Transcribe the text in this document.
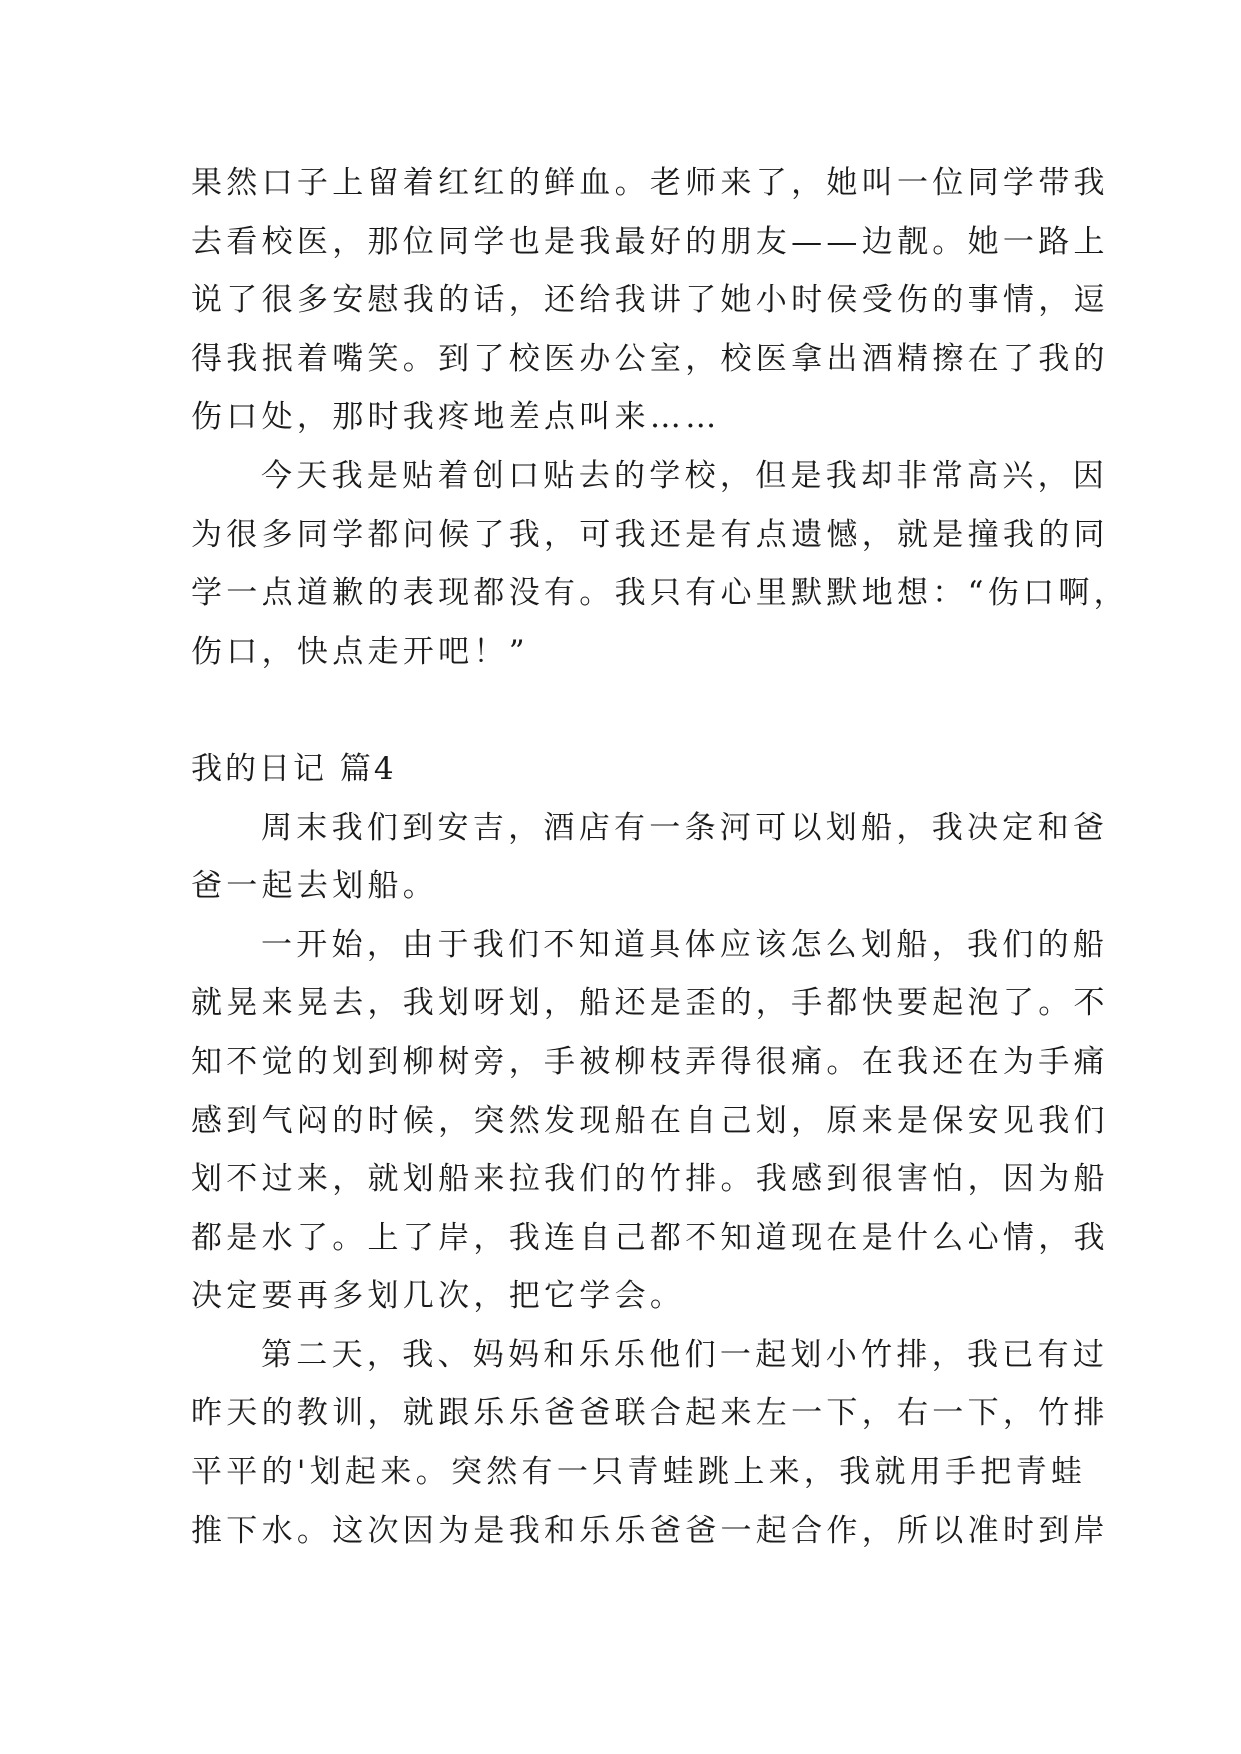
果然口子上留着红红的鲜血。老师来了，她叫一位同学带我
去看校医，那位同学也是我最好的朋友——边靓。她一路上
说了很多安慰我的话，还给我讲了她小时侯受伤的事情，逗
得我抿着嘴笑。到了校医办公室，校医拿出酒精擦在了我的
伤口处，那时我疼地差点叫来……
今天我是贴着创口贴去的学校，但是我却非常高兴，因
为很多同学都问候了我，可我还是有点遗憾，就是撞我的同
学一点道歉的表现都没有。我只有心里默默地想：“伤口啊，
伤口，快点走开吧！”
我的日记 篇4
周末我们到安吉，酒店有一条河可以划船，我决定和爸
爸一起去划船。
一开始，由于我们不知道具体应该怎么划船，我们的船
就晃来晃去，我划呀划，船还是歪的，手都快要起泡了。不
知不觉的划到柳树旁，手被柳枝弄得很痛。在我还在为手痛
感到气闷的时候，突然发现船在自己划，原来是保安见我们
划不过来，就划船来拉我们的竹排。我感到很害怕，因为船
都是水了。上了岸，我连自己都不知道现在是什么心情，我
决定要再多划几次，把它学会。
第二天，我、妈妈和乐乐他们一起划小竹排，我已有过
昨天的教训，就跟乐乐爸爸联合起来左一下，右一下，竹排
平平的'划起来。突然有一只青蛙跳上来，我就用手把青蛙
推下水。这次因为是我和乐乐爸爸一起合作，所以准时到岸
